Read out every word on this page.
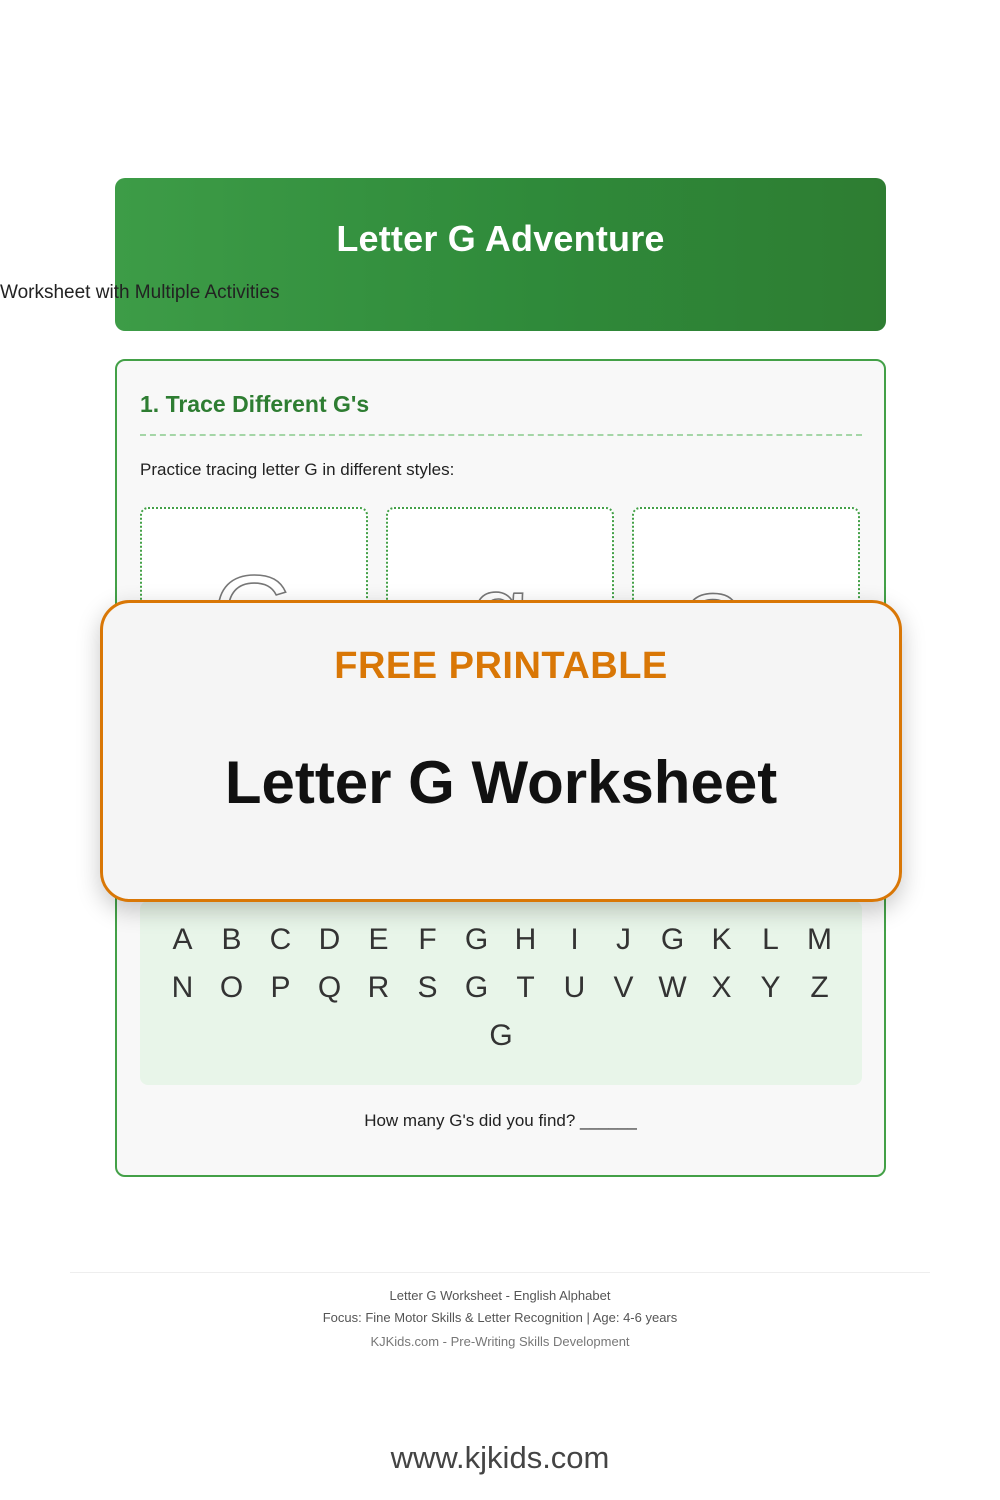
Letter G Adventure
Worksheet with Multiple Activities
1. Trace Different G's
Practice tracing letter G in different styles:
A B C D E F G H	I	J G K	L M
N O P Q R S G T U V W X Y Z
G
How many G's did you find? ______
FREE PRINTABLE
Letter G Worksheet
Letter G Worksheet - English Alphabet
Focus: Fine Motor Skills & Letter Recognition | Age: 4-6 years
KJKids.com - Pre-Writing Skills Development
www.kjkids.com
